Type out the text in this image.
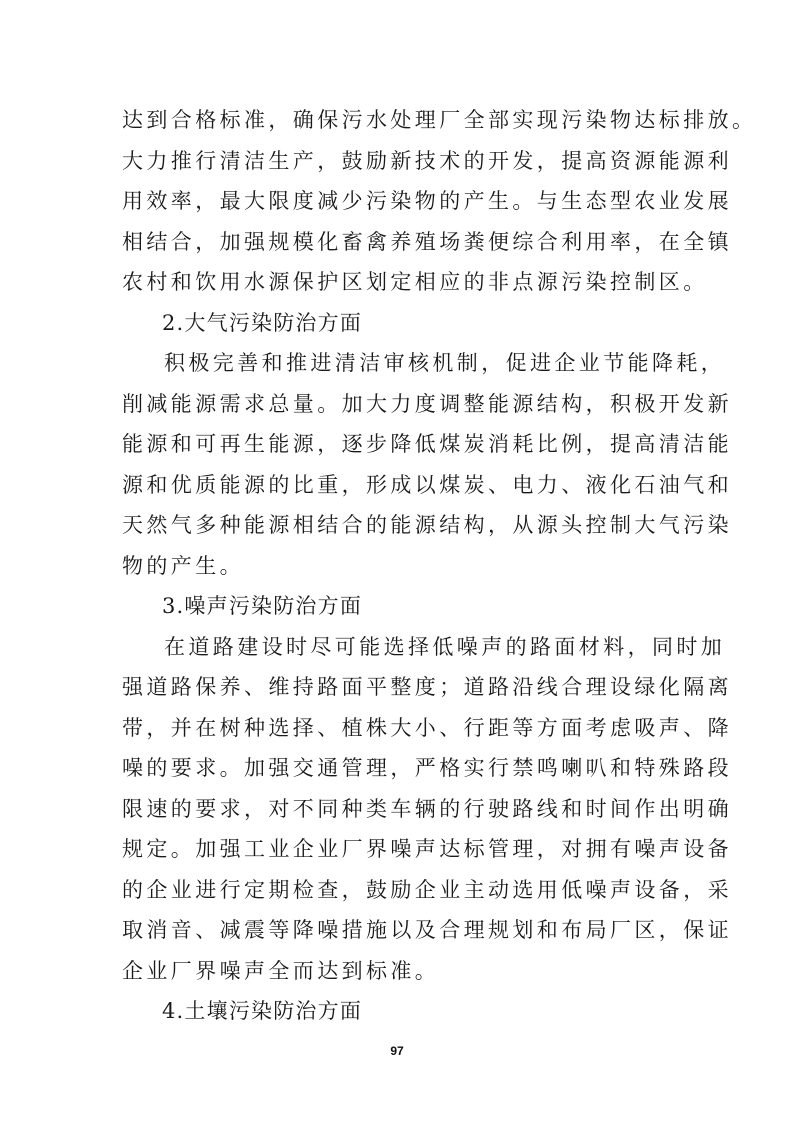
达到合格标准，确保污水处理厂全部实现污染物达标排放。
大力推行清洁生产，鼓励新技术的开发，提高资源能源利
用效率，最大限度减少污染物的产生。与生态型农业发展
相结合，加强规模化畜禽养殖场粪便综合利用率，在全镇
农村和饮用水源保护区划定相应的非点源污染控制区。
2.大气污染防治方面
积极完善和推进清洁审核机制，促进企业节能降耗，
削减能源需求总量。加大力度调整能源结构，积极开发新
能源和可再生能源，逐步降低煤炭消耗比例，提高清洁能
源和优质能源的比重，形成以煤炭、电力、液化石油气和
天然气多种能源相结合的能源结构，从源头控制大气污染
物的产生。
3.噪声污染防治方面
在道路建设时尽可能选择低噪声的路面材料，同时加
强道路保养、维持路面平整度；道路沿线合理设绿化隔离
带，并在树种选择、植株大小、行距等方面考虑吸声、降
噪的要求。加强交通管理，严格实行禁鸣喇叭和特殊路段
限速的要求，对不同种类车辆的行驶路线和时间作出明确
规定。加强工业企业厂界噪声达标管理，对拥有噪声设备
的企业进行定期检查，鼓励企业主动选用低噪声设备，采
取消音、减震等降噪措施以及合理规划和布局厂区，保证
97
企业厂界噪声全而达到标准。
4.土壤污染防治方面
